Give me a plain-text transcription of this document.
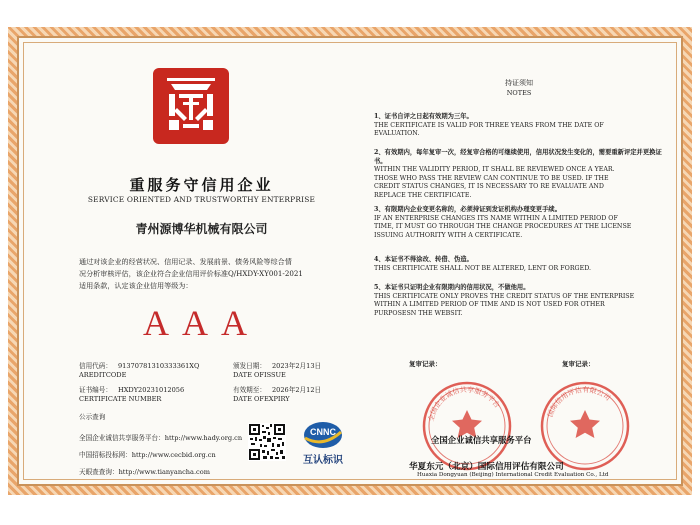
重服务守信用企业
SERVICE ORIENTED AND TRUSTWORTHY ENTERPRISE
青州源博华机械有限公司
通过对该企业的经营状况、信用记录、发展前景、债务风险等综合情
况分析审核评估，该企业符合企业信用评价标准Q/HXDY-XY001-2021
适用条款，认定该企业信用等级为：
AAA
信用代码： 91370781310333361XQ
AREDITCODE
颁发日期： 2023年2月13日
DATE OFISSUE
证书编号： HXDY20231012056
CERTIFICATE NUMBER
有效期至： 2026年2月12日
DATE OFEXPIRY
公示查询
全国企业诚信共享服务平台：http://www.hady.org.cn
中国招标投标网：http://www.cecbid.org.cn
天眼查查询：http://www.tianyancha.com
CNNC
互认标识
持证须知
NOTES
1、证书自评之日起有效期为三年。
THE CERTIFICATE IS VALID FOR THREE YEARS FROM THE DATE OF
EVALUATION.
2、有效期内，每年复审一次，经复审合格的可继续使用，信用状况发生变化的，需要重新评定并更换证书。
WITHIN THE VALIDITY PERIOD, IT SHALL BE REVIEWED ONCE A YEAR.
THOSE WHO PASS THE REVIEW CAN CONTINUE TO BE USED. IF THE
CREDIT STATUS CHANGES, IT IS NECESSARY TO RE EVALUATE AND
REPLACE THE CERTIFICATE.
3、有限期内企业变更名称的，必须持证到发证机构办理变更手续。
IF AN ENTERPRISE CHANGES ITS NAME WITHIN A LIMITED PERIOD OF
TIME, IT MUST GO THROUGH THE CHANGE PROCEDURES AT THE LICENSE
ISSUING AUTHORITY WITH A CERTIFICATE.
4、本证书不得涂改、转借、伪造。
THIS CERTIFICATE SHALL NOT BE ALTERED, LENT OR FORGED.
5、本证书只证明企业有限期内的信用状况，不做他用。
THIS CERTIFICATE ONLY PROVES THE CREDIT STATUS OF THE ENTERPRISE
WITHIN A LIMITED PERIOD OF TIME AND IS NOT USED FOR OTHER
PURPOSESN THE WEBSIT.
复审记录：	复审记录：
全国企业诚信共享服务平台
国际信用评估有限公司
全国企业诚信共享服务平台
华夏东元（北京）国际信用评估有限公司
Huaxia Dongyuan (Beijing) International Credit Evaluation Co., Ltd
